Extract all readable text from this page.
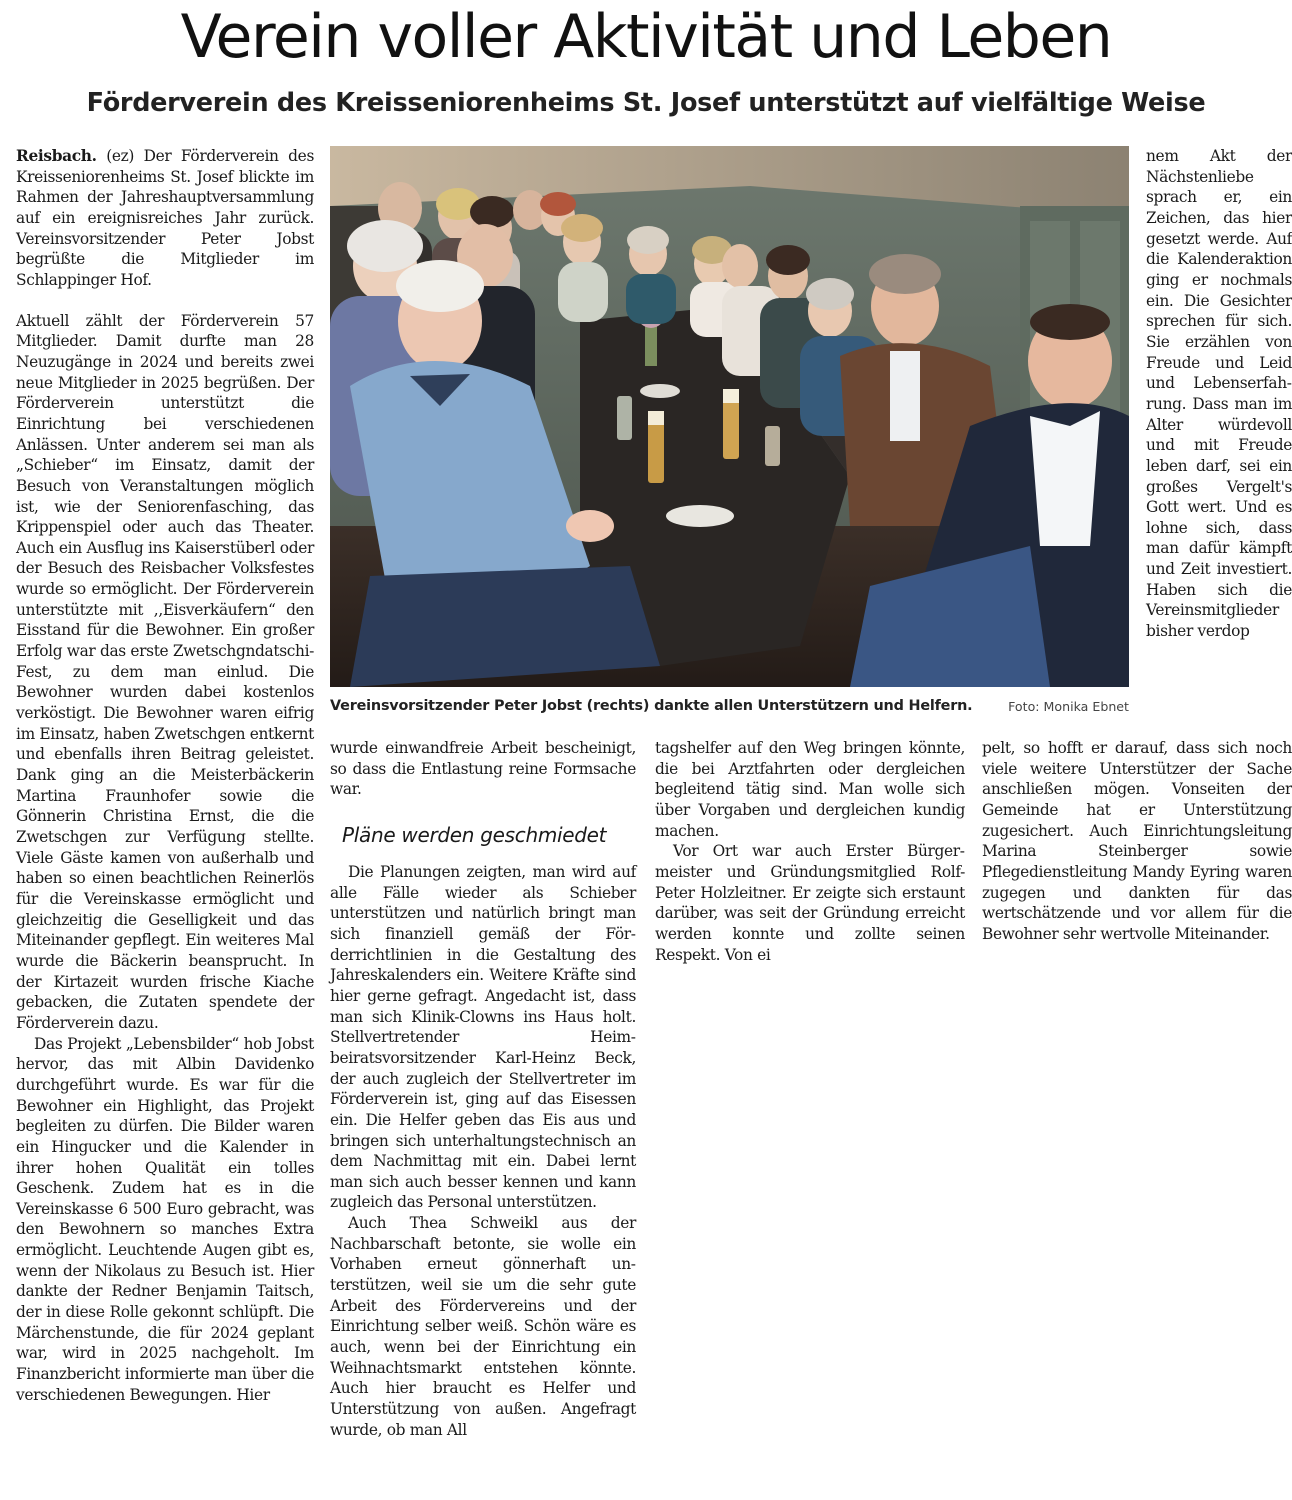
Verein voller Aktivität und Leben
Förderverein des Kreisseniorenheims St. Josef unterstützt auf vielfältige Weise

Reisbach. (ez) Der Förderverein des Kreisseniorenheims St. Josef blickte im Rahmen der Jahreshauptversammlung auf ein ereignisreiches Jahr zurück. Vereinsvorsitzender Peter Jobst begrüßte die Mitglieder im Schlappinger Hof.

Aktuell zählt der Förderverein 57 Mitglieder. Damit durfte man 28 Neuzugänge in 2024 und bereits zwei neue Mitglieder in 2025 begrüßen. Der Förderverein unterstützt die Einrichtung bei verschiedenen Anlässen. Unter anderem sei man als „Schieber“ im Einsatz, damit der Besuch von Veranstaltungen möglich ist, wie der Seniorenfasching, das Krippenspiel oder auch das Theater. Auch ein Ausflug ins Kaiserstüberl oder der Besuch des Reisbacher Volksfestes wurde so ermöglicht. Der Förderverein unterstützte mit ,,Eisverkäufern“ den Eisstand für die Bewohner. Ein großer Erfolg war das erste Zwetschgndatschi-Fest, zu dem man einlud. Die Bewohner wurden dabei kostenlos verköstigt. Die Bewohner waren eifrig im Einsatz, haben Zwetschgen entkernt und ebenfalls ihren Beitrag geleistet. Dank ging an die Meisterbäckerin Martina Fraunhofer sowie die Gönnerin Christina Ernst, die die Zwetschgen zur Verfügung stellte. Viele Gäste kamen von außerhalb und haben so einen beachtlichen Reinerlös für die Vereinskasse ermöglicht und gleichzeitig die Geselligkeit und das Miteinander gepflegt. Ein weiteres Mal wurde die Bäckerin beansprucht. In der Kirtazeit wurden frische Kiache gebacken, die Zutaten spendete der Förderverein dazu.

Das Projekt „Lebensbilder“ hob Jobst hervor, das mit Albin Davidenko durchgeführt wurde. Es war für die Bewohner ein Highlight, das Projekt begleiten zu dürfen. Die Bilder waren ein Hingucker und die Kalender in ihrer hohen Qualität ein tolles Geschenk. Zudem hat es in die Vereinskasse 6 500 Euro gebracht, was den Bewohnern so manches Extra ermöglicht. Leuchtende Augen gibt es, wenn der Nikolaus zu Besuch ist. Hier dankte der Redner Benjamin Taitsch, der in diese Rolle gekonnt schlüpft. Die Märchenstunde, die für 2024 geplant war, wird in 2025 nachgeholt. Im Finanzbericht informierte man über die verschiedenen Bewegungen. Hier

Vereinsvorsitzender Peter Jobst (rechts) dankte allen Unterstützern und Helfern.	Foto: Monika Ebnet

nem Akt der Nächstenliebe sprach er, ein Zeichen, das hier gesetzt werde. Auf die Kalenderaktion ging er nochmals ein. Die Gesichter sprechen für sich. Sie erzählen von Freude und Leid und Lebenserfahrung. Dass man im Alter würdevoll und mit Freude leben darf, sei ein großes Vergelt's Gott wert. Und es lohne sich, dass man dafür kämpft und Zeit investiert. Haben sich die Vereinsmitglieder bisher verdop

wurde einwandfreie Arbeit bescheinigt, so dass die Entlastung reine Formsache war.

Pläne werden geschmiedet

Die Planungen zeigten, man wird auf alle Fälle wieder als Schieber unterstützen und natürlich bringt man sich finanziell gemäß der Förderrichtlinien in die Gestaltung des Jahreskalenders ein. Weitere Kräfte sind hier gerne gefragt. Angedacht ist, dass man sich Klinik-Clowns ins Haus holt. Stellvertretender Heimbeiratsvorsitzender Karl-Heinz Beck, der auch zugleich der Stellvertreter im Förderverein ist, ging auf das Eisessen ein. Die Helfer geben das Eis aus und bringen sich unterhaltungstechnisch an dem Nachmittag mit ein. Dabei lernt man sich auch besser kennen und kann zugleich das Personal unterstützen.

Auch Thea Schweikl aus der Nachbarschaft betonte, sie wolle ein Vorhaben erneut gönnerhaft unterstützen, weil sie um die sehr gute Arbeit des Fördervereins und der Einrichtung selber weiß. Schön wäre es auch, wenn bei der Einrichtung ein Weihnachtsmarkt entstehen könnte. Auch hier braucht es Helfer und Unterstützung von außen. Angefragt wurde, ob man All

tagshelfer auf den Weg bringen könnte, die bei Arztfahrten oder dergleichen begleitend tätig sind. Man wolle sich über Vorgaben und dergleichen kundig machen.

Vor Ort war auch Erster Bürgermeister und Gründungsmitglied Rolf-Peter Holzleitner. Er zeigte sich erstaunt darüber, was seit der Gründung erreicht werden konnte und zollte seinen Respekt. Von ei

pelt, so hofft er darauf, dass sich noch viele weitere Unterstützer der Sache anschließen mögen. Vonseiten der Gemeinde hat er Unterstützung zugesichert. Auch Einrichtungsleitung Marina Steinberger sowie Pflegedienstleitung Mandy Eyring waren zugegen und dankten für das wertschätzende und vor allem für die Bewohner sehr wertvolle Miteinander.
